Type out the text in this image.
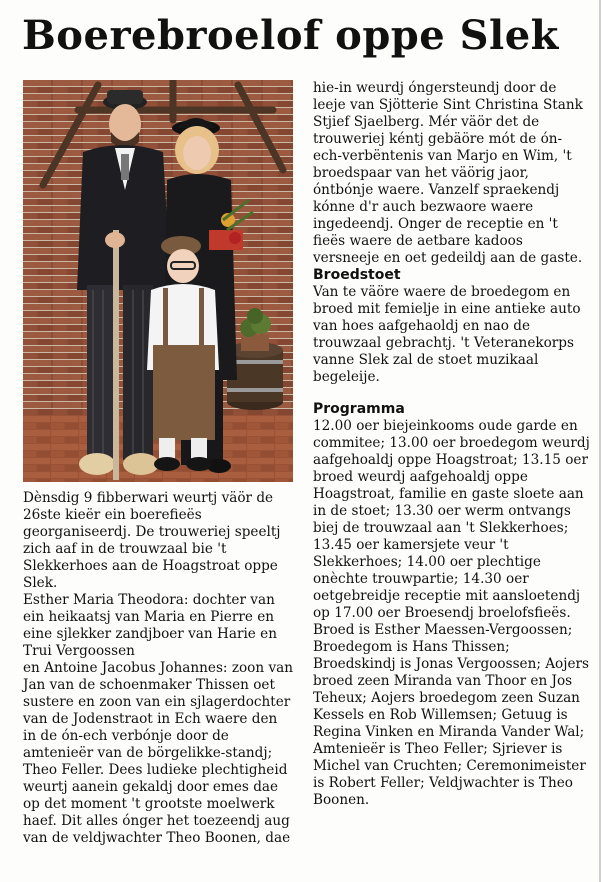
Boerebroelof oppe Slek

Dènsdig 9 fibberwari weurtj väör de 26ste kieër ein boerefieës georganiseerdj. De trouweriej speeltj zich aaf in de trouwzaal bie 't Slekkerhoes aan de Hoagstroat oppe Slek.

Esther Maria Theodora: dochter van ein heikaatsj van Maria en Pierre en eine sjlekker zandjboer van Harie en Trui Vergoossen

en Antoine Jacobus Johannes: zoon van Jan van de schoenmaker Thissen oet sustere en zoon van ein sjlagerdochter van de Jodenstraot in Ech waere den in de ón-ech verbónje door de amtenieër van de börgelikke-standj; Theo Feller. Dees ludieke plechtigheid weurtj aanein gekaldj door emes dae op det moment 't grootste moelwerk haef. Dit alles ónger het toezeendj aug van de veldjwachter Theo Boonen, dae

hie-in weurdj óngersteundj door de leeje van Sjötterie Sint Christina Stank Stjief Sjaelberg. Mér väör det de trouweriej kéntj gebäöre mót de ón-ech-verbëntenis van Marjo en Wim, 't broedspaar van het väörig jaor, óntbónje waere. Vanzelf spraekendj kónne d'r auch bezwaore waere ingedeendj. Onger de receptie en 't fieës waere de aetbare kadoos versneeje en oet gedeildj aan de gaste.

Broedstoet

Van te väöre waere de broedegom en broed mit femielje in eine antieke auto van hoes aafgehaoldj en nao de trouwzaal gebrachtj. 't Veteranekorps vanne Slek zal de stoet muzikaal begeleije.

Programma

12.00 oer biejeinkooms oude garde en commitee; 13.00 oer broedegom weurdj aafgehoaldj oppe Hoagstroat; 13.15 oer broed weurdj aafgehoaldj oppe Hoagstroat, familie en gaste sloete aan in de stoet; 13.30 oer werm ontvangs biej de trouwzaal aan 't Slekkerhoes; 13.45 oer kamersjete veur 't Slekkerhoes; 14.00 oer plechtige onèchte trouwpartie; 14.30 oer oetgebreidje receptie mit aansloetendj op 17.00 oer Broesendj broelofsfieës.

Broed is Esther Maessen-Vergoossen; Broedegom is Hans Thissen; Broedskindj is Jonas Vergoossen; Aojers broed zeen Miranda van Thoor en Jos Teheux; Aojers broedegom zeen Suzan Kessels en Rob Willemsen; Getuug is Regina Vinken en Miranda Vander Wal; Amtenieër is Theo Feller; Sjriever is Michel van Cruchten; Ceremonimeister is Robert Feller; Veldjwachter is Theo Boonen.
